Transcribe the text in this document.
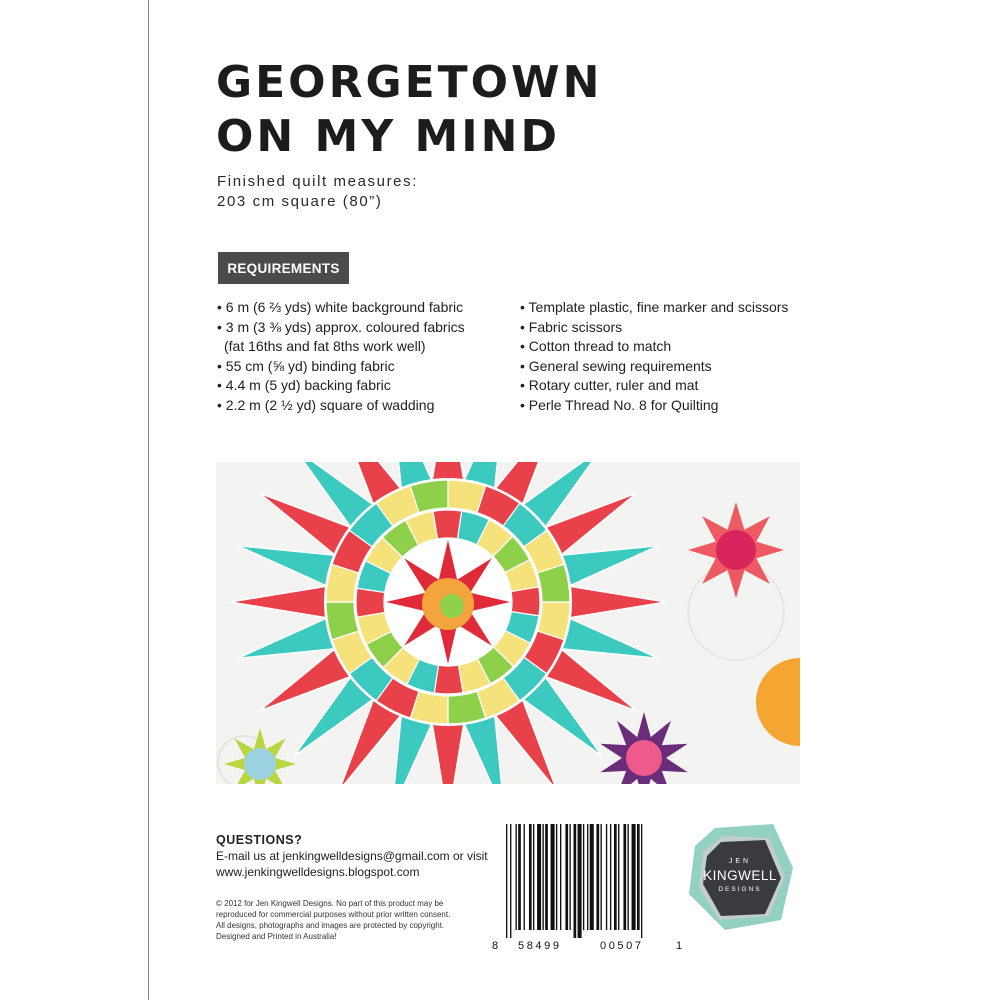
GEORGETOWN
ON MY MIND
Finished quilt measures:
203 cm square (80”)
REQUIREMENTS
• 6 m (6 ⅔ yds) white background fabric
• 3 m (3 ⅜ yds) approx. coloured fabrics
(fat 16ths and fat 8ths work well)
• 55 cm (⅝ yd) binding fabric
• 4.4 m (5 yd) backing fabric
• 2.2 m (2 ½ yd) square of wadding
• Template plastic, fine marker and scissors
• Fabric scissors
• Cotton thread to match
• General sewing requirements
• Rotary cutter, ruler and mat
• Perle Thread No. 8 for Quilting
QUESTIONS?
E-mail us at jenkingwelldesigns@gmail.com or visit
www.jenkingwelldesigns.blogspot.com
© 2012 for Jen Kingwell Designs. No part of this product may be
reproduced for commercial purposes without prior written consent.
All designs, photographs and images are protected by copyright.
Designed and Printed in Australia!
8 58499	00507	1
JEN
KINGWELL
DESIGNS
